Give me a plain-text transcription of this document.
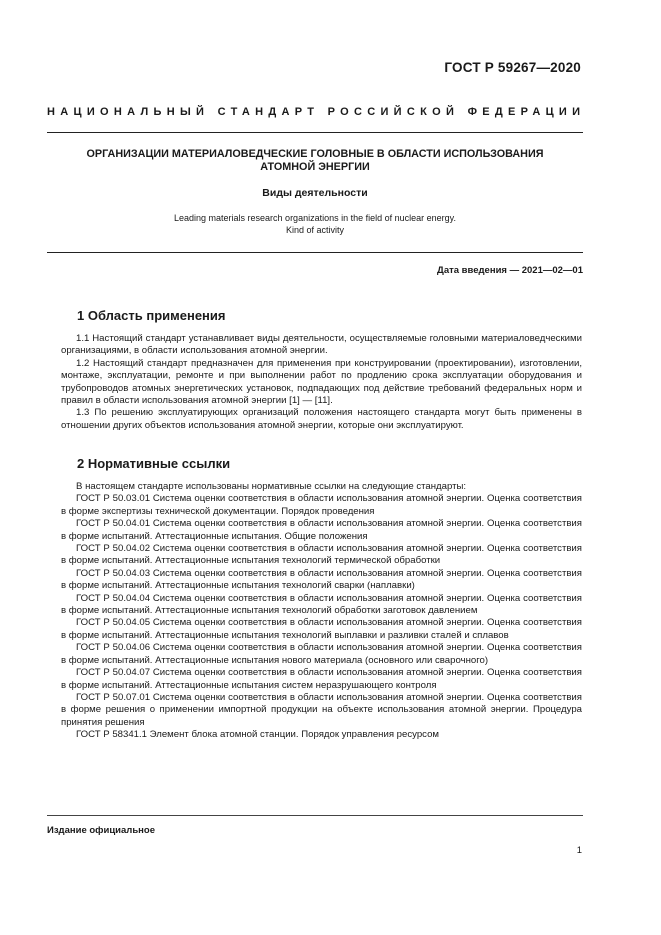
ГОСТ Р 59267—2020
НАЦИОНАЛЬНЫЙ СТАНДАРТ РОССИЙСКОЙ ФЕДЕРАЦИИ
ОРГАНИЗАЦИИ МАТЕРИАЛОВЕДЧЕСКИЕ ГОЛОВНЫЕ В ОБЛАСТИ ИСПОЛЬЗОВАНИЯ
АТОМНОЙ ЭНЕРГИИ
Виды деятельности
Leading materials research organizations in the field of nuclear energy.
Kind of activity
Дата введения — 2021—02—01
1 Область применения

1.1 Настоящий стандарт устанавливает виды деятельности, осуществляемые головными материаловедческими организациями, в области использования атомной энергии.

1.2 Настоящий стандарт предназначен для применения при конструировании (проектировании), изготовлении, монтаже, эксплуатации, ремонте и при выполнении работ по продлению срока эксплуатации оборудования и трубопроводов атомных энергетических установок, подпадающих под действие требований федеральных норм и правил в области использования атомной энергии [1] — [11].

1.3 По решению эксплуатирующих организаций положения настоящего стандарта могут быть применены в отношении других объектов использования атомной энергии, которые они эксплуатируют.

2 Нормативные ссылки

В настоящем стандарте использованы нормативные ссылки на следующие стандарты:

ГОСТ Р 50.03.01 Система оценки соответствия в области использования атомной энергии. Оценка соответствия в форме экспертизы технической документации. Порядок проведения

ГОСТ Р 50.04.01 Система оценки соответствия в области использования атомной энергии. Оценка соответствия в форме испытаний. Аттестационные испытания. Общие положения

ГОСТ Р 50.04.02 Система оценки соответствия в области использования атомной энергии. Оценка соответствия в форме испытаний. Аттестационные испытания технологий термической обработки

ГОСТ Р 50.04.03 Система оценки соответствия в области использования атомной энергии. Оценка соответствия в форме испытаний. Аттестационные испытания технологий сварки (наплавки)

ГОСТ Р 50.04.04 Система оценки соответствия в области использования атомной энергии. Оценка соответствия в форме испытаний. Аттестационные испытания технологий обработки заготовок давлением

ГОСТ Р 50.04.05 Система оценки соответствия в области использования атомной энергии. Оценка соответствия в форме испытаний. Аттестационные испытания технологий выплавки и разливки сталей и сплавов

ГОСТ Р 50.04.06 Система оценки соответствия в области использования атомной энергии. Оценка соответствия в форме испытаний. Аттестационные испытания нового материала (основного или сварочного)

ГОСТ Р 50.04.07 Система оценки соответствия в области использования атомной энергии. Оценка соответствия в форме испытаний. Аттестационные испытания систем неразрушающего контроля

ГОСТ Р 50.07.01 Система оценки соответствия в области использования атомной энергии. Оценка соответствия в форме решения о применении импортной продукции на объекте использования атомной энергии. Процедура принятия решения

ГОСТ Р 58341.1 Элемент блока атомной станции. Порядок управления ресурсом

Издание официальное
1
